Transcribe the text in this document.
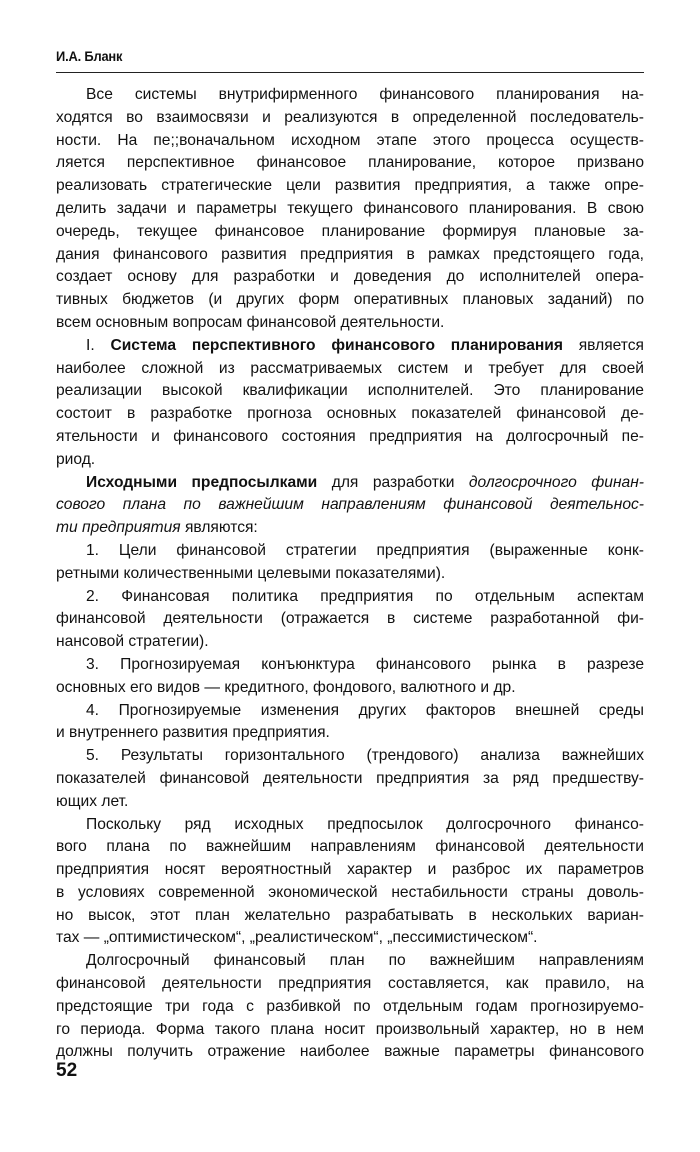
И.А. Бланк
Все системы внутрифирменного финансового планирования на-
ходятся во взаимосвязи и реализуются в определенной последователь-
ности. На пе;;воначальном исходном этапе этого процесса осуществ-
ляется перспективное финансовое планирование, которое призвано
реализовать стратегические цели развития предприятия, а также опре-
делить задачи и параметры текущего финансового планирования. В свою
очередь, текущее финансовое планирование формируя плановые за-
дания финансового развития предприятия в рамках предстоящего года,
создает основу для разработки и доведения до исполнителей опера-
тивных бюджетов (и других форм оперативных плановых заданий) по
всем основным вопросам финансовой деятельности.
I. Система перспективного финансового планирования является
наиболее сложной из рассматриваемых систем и требует для своей
реализации высокой квалификации исполнителей. Это планирование
состоит в разработке прогноза основных показателей финансовой де-
ятельности и финансового состояния предприятия на долгосрочный пе-
риод.
Исходными предпосылками для разработки долгосрочного финан-
сового плана по важнейшим направлениям финансовой деятельнос-
ти предприятия являются:
1. Цели финансовой стратегии предприятия (выраженные конк-
ретными количественными целевыми показателями).
2. Финансовая политика предприятия по отдельным аспектам
финансовой деятельности (отражается в системе разработанной фи-
нансовой стратегии).
3. Прогнозируемая конъюнктура финансового рынка в разрезе
основных его видов — кредитного, фондового, валютного и др.
4. Прогнозируемые изменения других факторов внешней среды
и внутреннего развития предприятия.
5. Результаты горизонтального (трендового) анализа важнейших
показателей финансовой деятельности предприятия за ряд предшеству-
ющих лет.
Поскольку ряд исходных предпосылок долгосрочного финансо-
вого плана по важнейшим направлениям финансовой деятельности
предприятия носят вероятностный характер и разброс их параметров
в условиях современной экономической нестабильности страны доволь-
но высок, этот план желательно разрабатывать в нескольких вариан-
тах — „оптимистическом“, „реалистическом“, „пессимистическом“.
Долгосрочный финансовый план по важнейшим направлениям
финансовой деятельности предприятия составляется, как правило, на
предстоящие три года с разбивкой по отдельным годам прогнозируемо-
го периода. Форма такого плана носит произвольный характер, но в нем
должны получить отражение наиболее важные параметры финансового
52
